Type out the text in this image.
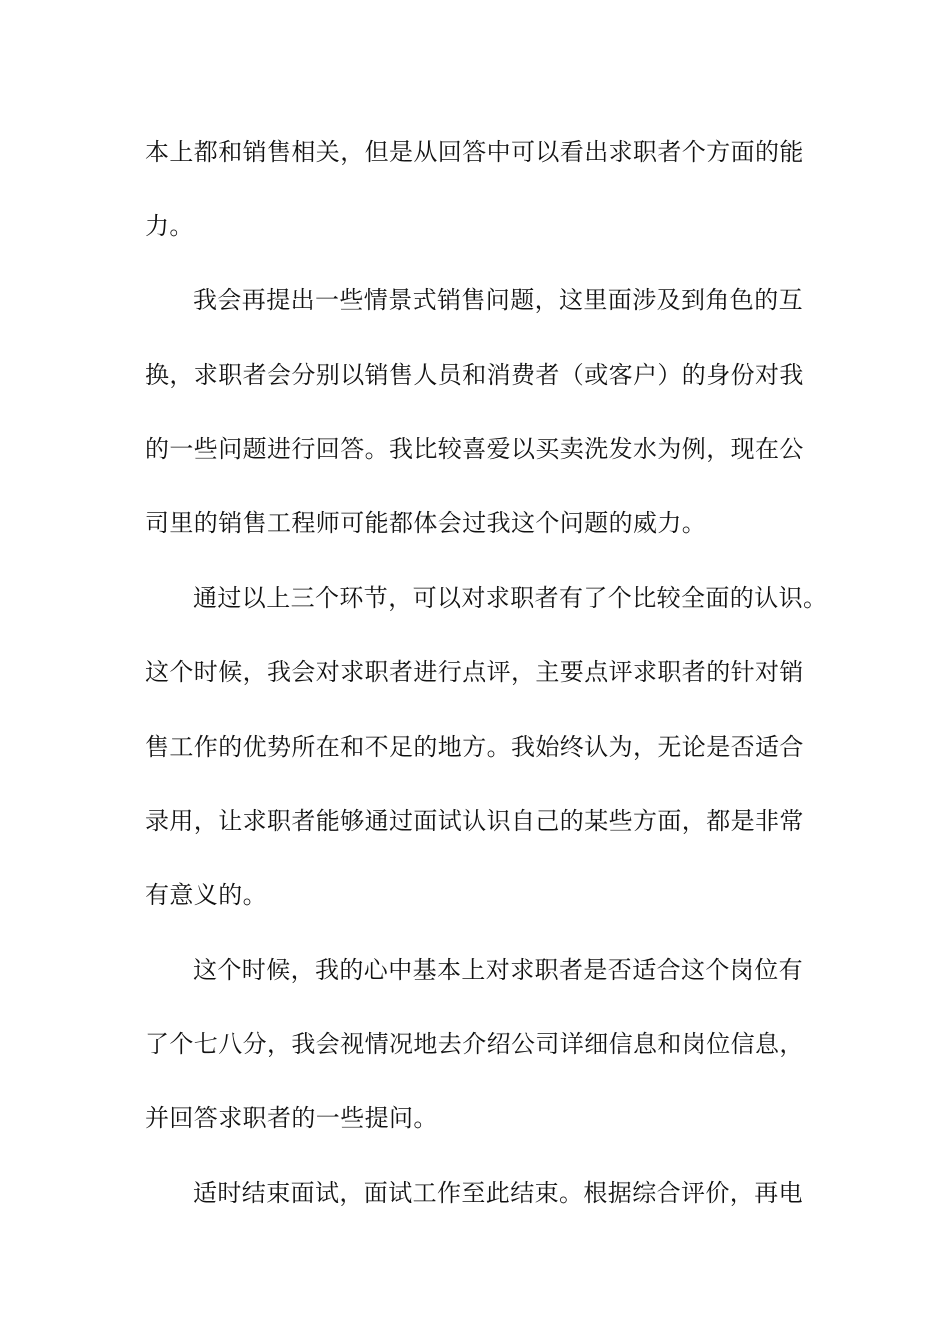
本上都和销售相关，但是从回答中可以看出求职者个方面的能
力。
我会再提出一些情景式销售问题，这里面涉及到角色的互
换，求职者会分别以销售人员和消费者（或客户）的身份对我
的一些问题进行回答。我比较喜爱以买卖洗发水为例，现在公
司里的销售工程师可能都体会过我这个问题的威力。
通过以上三个环节，可以对求职者有了个比较全面的认识。
这个时候，我会对求职者进行点评，主要点评求职者的针对销
售工作的优势所在和不足的地方。我始终认为，无论是否适合
录用，让求职者能够通过面试认识自己的某些方面，都是非常
有意义的。
这个时候，我的心中基本上对求职者是否适合这个岗位有
了个七八分，我会视情况地去介绍公司详细信息和岗位信息，
并回答求职者的一些提问。
适时结束面试，面试工作至此结束。根据综合评价，再电
